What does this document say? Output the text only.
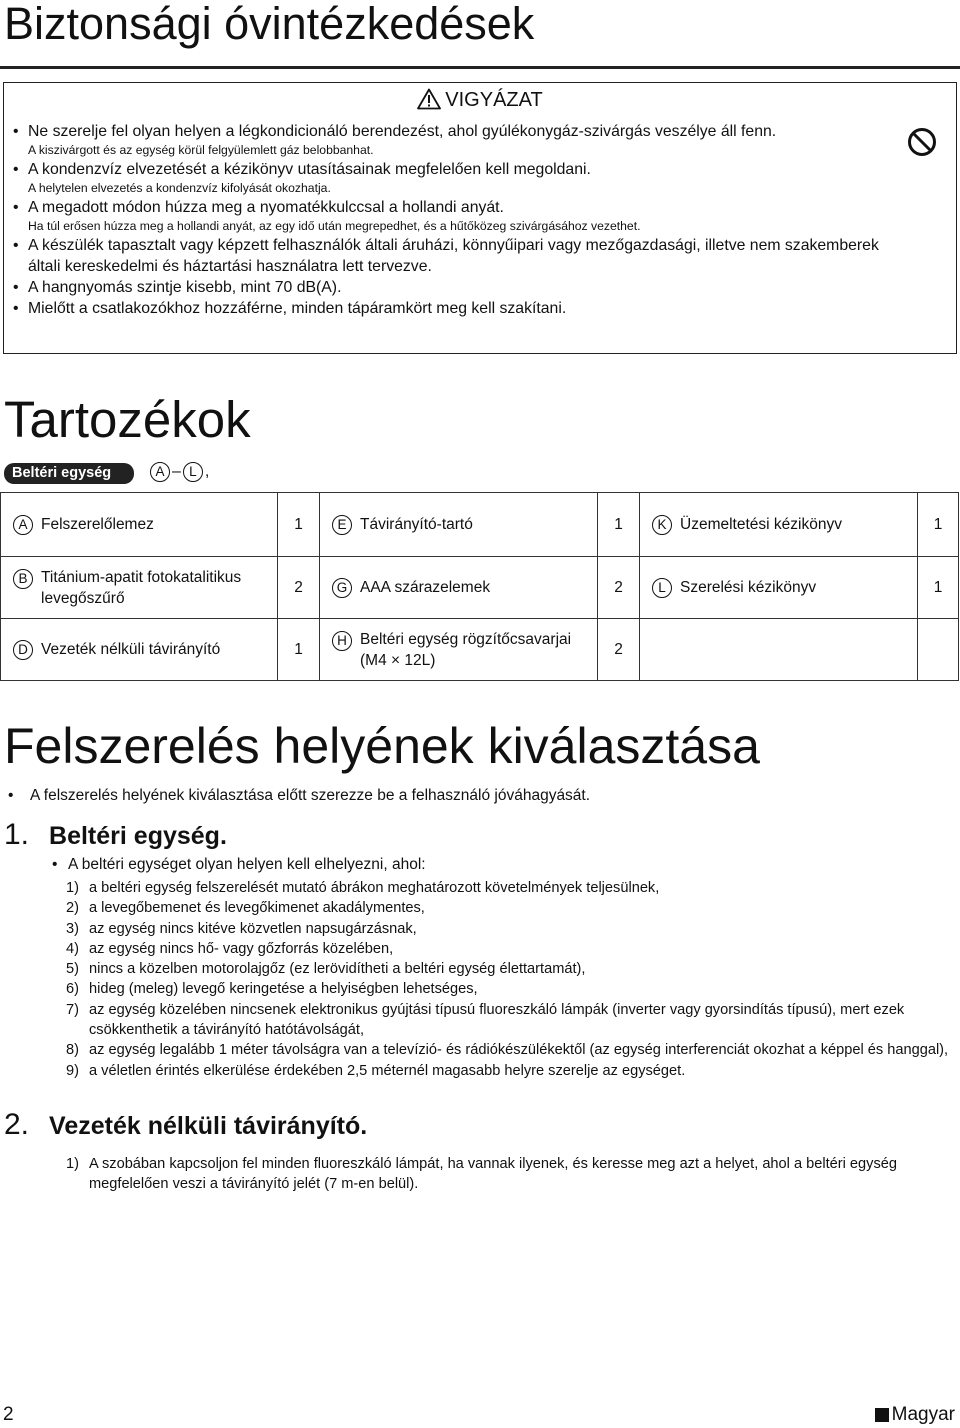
Biztonsági óvintézkedések
VIGYÁZAT
• Ne szerelje fel olyan helyen a légkondicionáló berendezést, ahol gyúlékonygáz-szivárgás veszélye áll fenn.
A kiszivárgott és az egység körül felgyülemlett gáz belobbanhat.
• A kondenzvíz elvezetését a kézikönyv utasításainak megfelelően kell megoldani.
A helytelen elvezetés a kondenzvíz kifolyását okozhatja.
• A megadott módon húzza meg a nyomatékkulccsal a hollandi anyát.
Ha túl erősen húzza meg a hollandi anyát, az egy idő után megrepedhet, és a hűtőközeg szivárgásához vezethet.
• A készülék tapasztalt vagy képzett felhasználók általi áruházi, könnyűipari vagy mezőgazdasági, illetve nem szakemberek általi kereskedelmi és háztartási használatra lett tervezve.
• A hangnyomás szintje kisebb, mint 70 dB(A).
• Mielőtt a csatlakozókhoz hozzáférne, minden tápáramkört meg kell szakítani.
Tartozékok
Beltéri egység	A – L ,
A Felszerelőlemez	1	E Távirányító-tartó	1	K Üzemeltetési kézikönyv	1

B Titánium-apatit fotokatalitikus levegőszűrő	2	G AAA szárazelemek	2	L Szerelési kézikönyv	1

D Vezeték nélküli távirányító	1	H Beltéri egység rögzítőcsavarjai (M4 × 12L)	2		
Felszerelés helyének kiválasztása
• A felszerelés helyének kiválasztása előtt szerezze be a felhasználó jóváhagyását.
1. Beltéri egység.
• A beltéri egységet olyan helyen kell elhelyezni, ahol:
1) a beltéri egység felszerelését mutató ábrákon meghatározott követelmények teljesülnek,
2) a levegőbemenet és levegőkimenet akadálymentes,
3) az egység nincs kitéve közvetlen napsugárzásnak,
4) az egység nincs hő- vagy gőzforrás közelében,
5) nincs a közelben motorolajgőz (ez lerövidítheti a beltéri egység élettartamát),
6) hideg (meleg) levegő keringetése a helyiségben lehetséges,
7) az egység közelében nincsenek elektronikus gyújtási típusú fluoreszkáló lámpák (inverter vagy gyorsindítás típusú), mert ezek csökkenthetik a távirányító hatótávolságát,
8) az egység legalább 1 méter távolságra van a televízió- és rádiókészülékektől (az egység interferenciát okozhat a képpel és hanggal),
9) a véletlen érintés elkerülése érdekében 2,5 méternél magasabb helyre szerelje az egységet.
2. Vezeték nélküli távirányító.
1) A szobában kapcsoljon fel minden fluoreszkáló lámpát, ha vannak ilyenek, és keresse meg azt a helyet, ahol a beltéri egység megfelelően veszi a távirányító jelét (7 m-en belül).
2	Magyar
